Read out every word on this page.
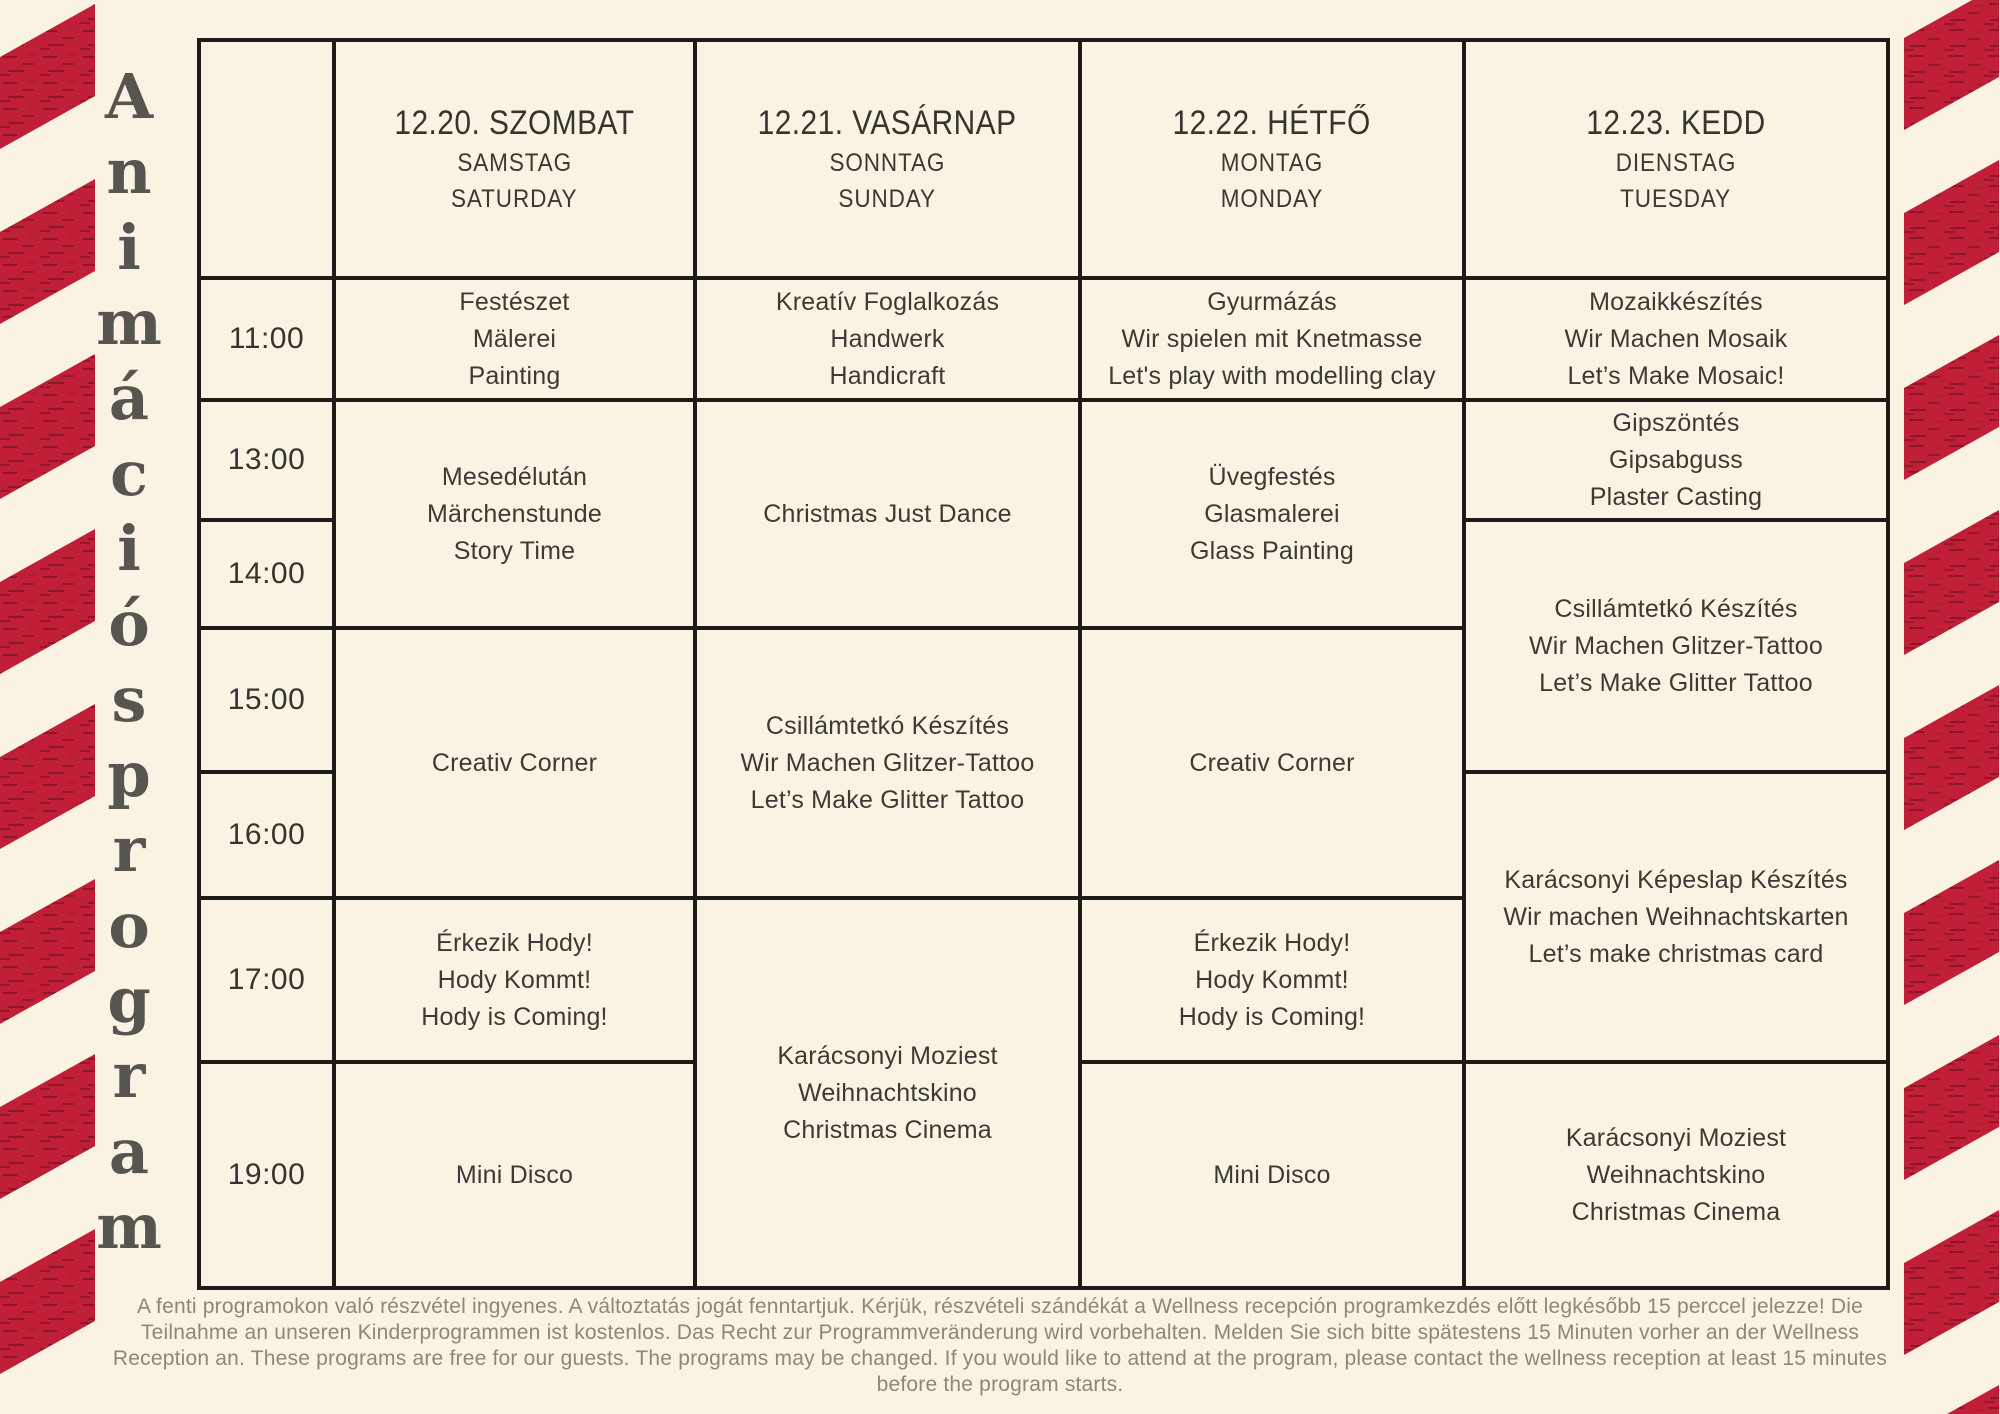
A
n
i
m
á
c
i
ó
s
p
r
o
g
r
a
m
12.20. SZOMBAT
SAMSTAG
SATURDAY
12.21. VASÁRNAP
SONNTAG
SUNDAY
12.22. HÉTFŐ
MONTAG
MONDAY
12.23. KEDD
DIENSTAG
TUESDAY
11:00
13:00
14:00
15:00
16:00
17:00
19:00
Festészet
Mälerei
Painting
Mesedélután
Märchenstunde
Story Time
Creativ Corner
Érkezik Hody!
Hody Kommt!
Hody is Coming!
Mini Disco
Kreatív Foglalkozás
Handwerk
Handicraft
Christmas Just Dance
Csillámtetkó Készítés
Wir Machen Glitzer-Tattoo
Let’s Make Glitter Tattoo
Karácsonyi Moziest
Weihnachtskino
Christmas Cinema
Gyurmázás
Wir spielen mit Knetmasse
Let's play with modelling clay
Üvegfestés
Glasmalerei
Glass Painting
Creativ Corner
Érkezik Hody!
Hody Kommt!
Hody is Coming!
Mini Disco
Mozaikkészítés
Wir Machen Mosaik
Let’s Make Mosaic!
Gipszöntés
Gipsabguss
Plaster Casting
Csillámtetkó Készítés
Wir Machen Glitzer-Tattoo
Let’s Make Glitter Tattoo
Karácsonyi Képeslap Készítés
Wir machen Weihnachtskarten
Let’s make christmas card
Karácsonyi Moziest
Weihnachtskino
Christmas Cinema
A fenti programokon való részvétel ingyenes. A változtatás jogát fenntartjuk. Kérjük, részvételi szándékát a Wellness recepción programkezdés előtt legkésőbb 15 perccel jelezze! Die
Teilnahme an unseren Kinderprogrammen ist kostenlos. Das Recht zur Programmveränderung wird vorbehalten. Melden Sie sich bitte spätestens 15 Minuten vorher an der Wellness
Reception an. These programs are free for our guests. The programs may be changed. If you would like to attend at the program, please contact the wellness reception at least 15 minutes
before the program starts.
